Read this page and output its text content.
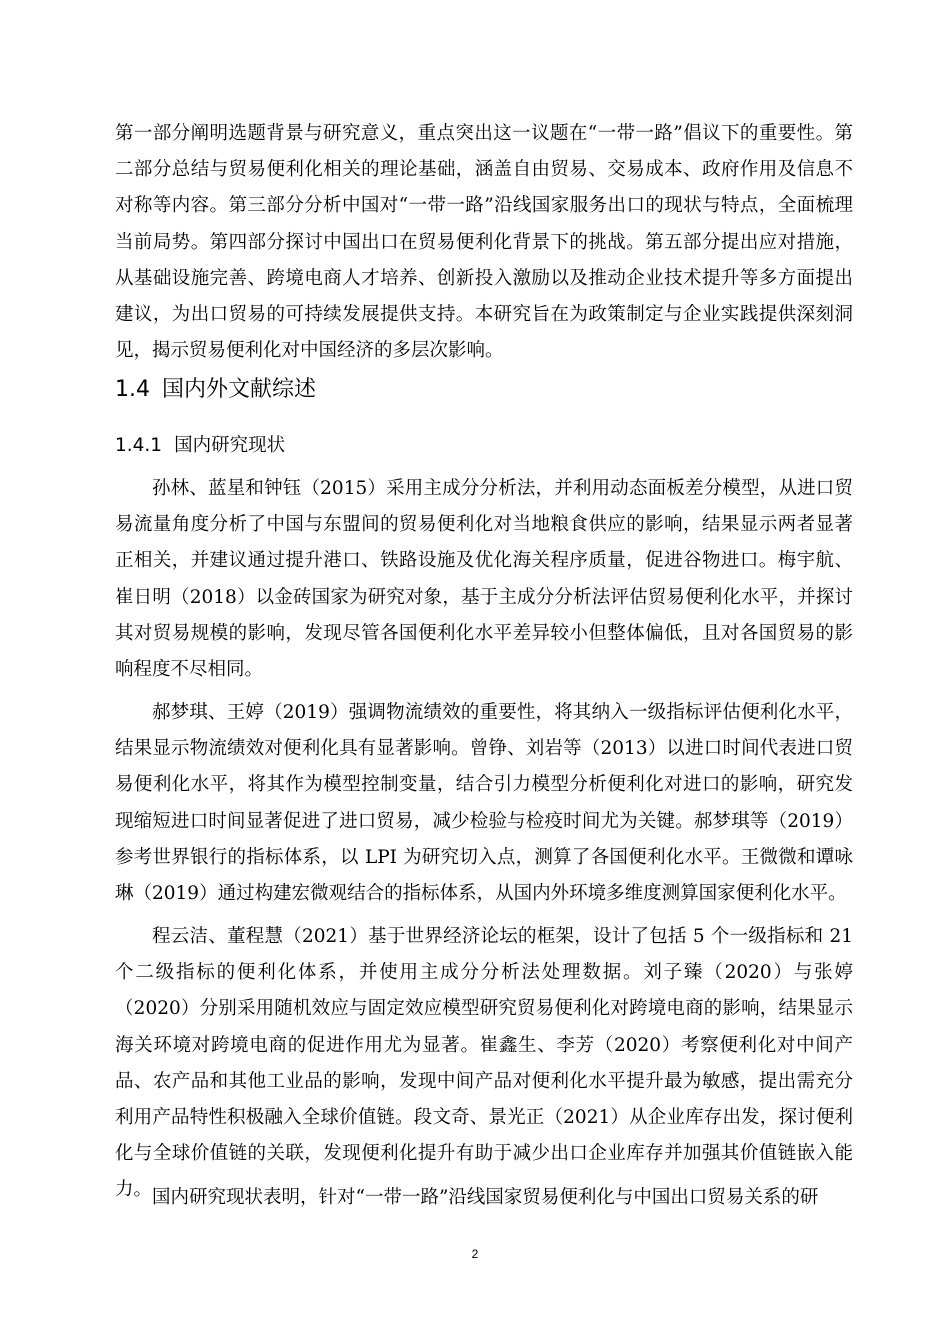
第一部分阐明选题背景与研究意义，重点突出这一议题在“一带一路”倡议下的重要性。第二部分总结与贸易便利化相关的理论基础，涵盖自由贸易、交易成本、政府作用及信息不对称等内容。第三部分分析中国对“一带一路”沿线国家服务出口的现状与特点，全面梳理当前局势。第四部分探讨中国出口在贸易便利化背景下的挑战。第五部分提出应对措施，从基础设施完善、跨境电商人才培养、创新投入激励以及推动企业技术提升等多方面提出建议，为出口贸易的可持续发展提供支持。本研究旨在为政策制定与企业实践提供深刻洞见，揭示贸易便利化对中国经济的多层次影响。

1.4 国内外文献综述
1.4.1 国内研究现状

孙林、蓝星和钟钰（2015）采用主成分分析法，并利用动态面板差分模型，从进口贸易流量角度分析了中国与东盟间的贸易便利化对当地粮食供应的影响，结果显示两者显著正相关，并建议通过提升港口、铁路设施及优化海关程序质量，促进谷物进口。梅宇航、崔日明（2018）以金砖国家为研究对象，基于主成分分析法评估贸易便利化水平，并探讨其对贸易规模的影响，发现尽管各国便利化水平差异较小但整体偏低，且对各国贸易的影响程度不尽相同。

郝梦琪、王婷（2019）强调物流绩效的重要性，将其纳入一级指标评估便利化水平，结果显示物流绩效对便利化具有显著影响。曾铮、刘岩等（2013）以进口时间代表进口贸易便利化水平，将其作为模型控制变量，结合引力模型分析便利化对进口的影响，研究发现缩短进口时间显著促进了进口贸易，减少检验与检疫时间尤为关键。郝梦琪等（2019）参考世界银行的指标体系，以 LPI 为研究切入点，测算了各国便利化水平。王微微和谭咏琳（2019）通过构建宏微观结合的指标体系，从国内外环境多维度测算国家便利化水平。

程云洁、董程慧（2021）基于世界经济论坛的框架，设计了包括 5 个一级指标和 21 个二级指标的便利化体系，并使用主成分分析法处理数据。刘子臻（2020）与张婷（2020）分别采用随机效应与固定效应模型研究贸易便利化对跨境电商的影响，结果显示海关环境对跨境电商的促进作用尤为显著。崔鑫生、李芳（2020）考察便利化对中间产品、农产品和其他工业品的影响，发现中间产品对便利化水平提升最为敏感，提出需充分利用产品特性积极融入全球价值链。段文奇、景光正（2021）从企业库存出发，探讨便利化与全球价值链的关联，发现便利化提升有助于减少出口企业库存并加强其价值链嵌入能力。 国内研究现状表明，针对“一带一路”沿线国家贸易便利化与中国出口贸易关系的研

2
